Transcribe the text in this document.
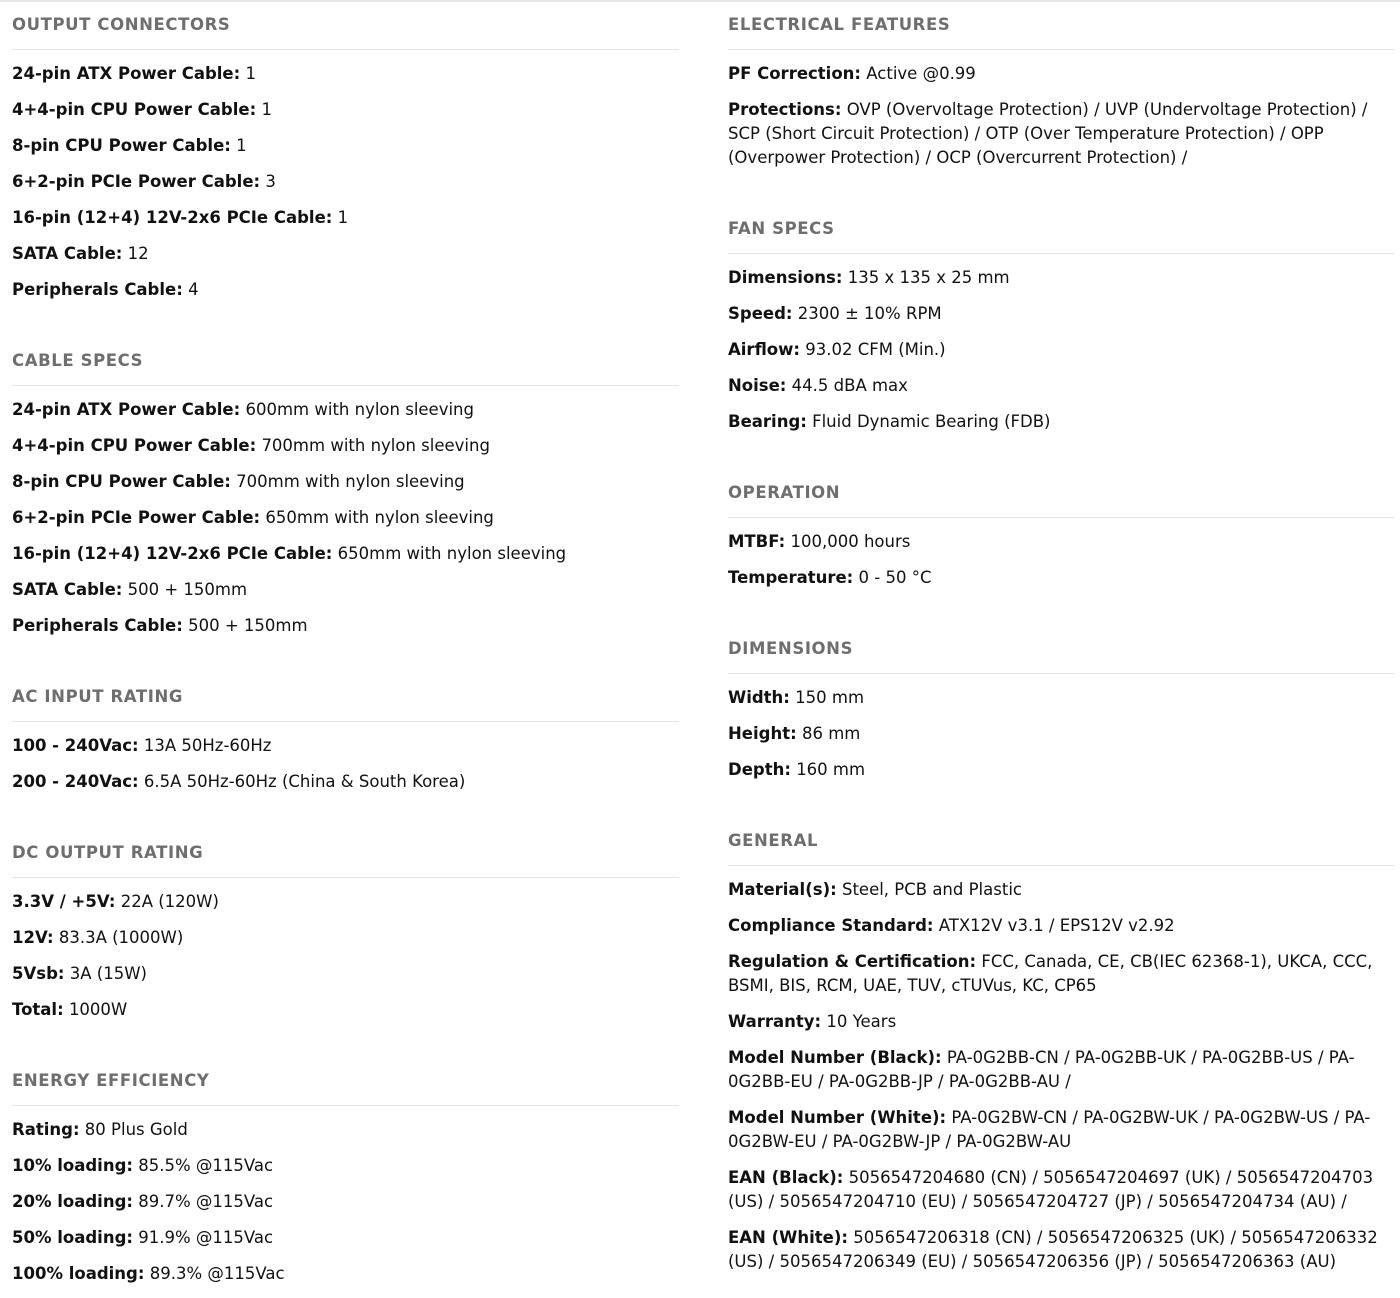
OUTPUT CONNECTORS
24-pin ATX Power Cable: 1
4+4-pin CPU Power Cable: 1
8-pin CPU Power Cable: 1
6+2-pin PCIe Power Cable: 3
16-pin (12+4) 12V-2x6 PCIe Cable: 1
SATA Cable: 12
Peripherals Cable: 4
CABLE SPECS
24-pin ATX Power Cable: 600mm with nylon sleeving
4+4-pin CPU Power Cable: 700mm with nylon sleeving
8-pin CPU Power Cable: 700mm with nylon sleeving
6+2-pin PCIe Power Cable: 650mm with nylon sleeving
16-pin (12+4) 12V-2x6 PCIe Cable: 650mm with nylon sleeving
SATA Cable: 500 + 150mm
Peripherals Cable: 500 + 150mm
AC INPUT RATING
100 - 240Vac: 13A 50Hz-60Hz
200 - 240Vac: 6.5A 50Hz-60Hz (China & South Korea)
DC OUTPUT RATING
3.3V / +5V: 22A (120W)
12V: 83.3A (1000W)
5Vsb: 3A (15W)
Total: 1000W
ENERGY EFFICIENCY
Rating: 80 Plus Gold
10% loading: 85.5% @115Vac
20% loading: 89.7% @115Vac
50% loading: 91.9% @115Vac
100% loading: 89.3% @115Vac
ELECTRICAL FEATURES
PF Correction: Active @0.99
Protections: OVP (Overvoltage Protection) / UVP (Undervoltage Protection) / SCP (Short Circuit Protection) / OTP (Over Temperature Protection) / OPP (Overpower Protection) / OCP (Overcurrent Protection) /
FAN SPECS
Dimensions: 135 x 135 x 25 mm
Speed: 2300 ± 10% RPM
Airflow: 93.02 CFM (Min.)
Noise: 44.5 dBA max
Bearing: Fluid Dynamic Bearing (FDB)
OPERATION
MTBF: 100,000 hours
Temperature: 0 - 50 °C
DIMENSIONS
Width: 150 mm
Height: 86 mm
Depth: 160 mm
GENERAL
Material(s): Steel, PCB and Plastic
Compliance Standard: ATX12V v3.1 / EPS12V v2.92
Regulation & Certification: FCC, Canada, CE, CB(IEC 62368-1), UKCA, CCC, BSMI, BIS, RCM, UAE, TUV, cTUVus, KC, CP65
Warranty: 10 Years
Model Number (Black): PA-0G2BB-CN / PA-0G2BB-UK / PA-0G2BB-US / PA-0G2BB-EU / PA-0G2BB-JP / PA-0G2BB-AU /
Model Number (White): PA-0G2BW-CN / PA-0G2BW-UK / PA-0G2BW-US / PA-0G2BW-EU / PA-0G2BW-JP / PA-0G2BW-AU
EAN (Black): 5056547204680 (CN) / 5056547204697 (UK) / 5056547204703 (US) / 5056547204710 (EU) / 5056547204727 (JP) / 5056547204734 (AU) /
EAN (White): 5056547206318 (CN) / 5056547206325 (UK) / 5056547206332 (US) / 5056547206349 (EU) / 5056547206356 (JP) / 5056547206363 (AU)
